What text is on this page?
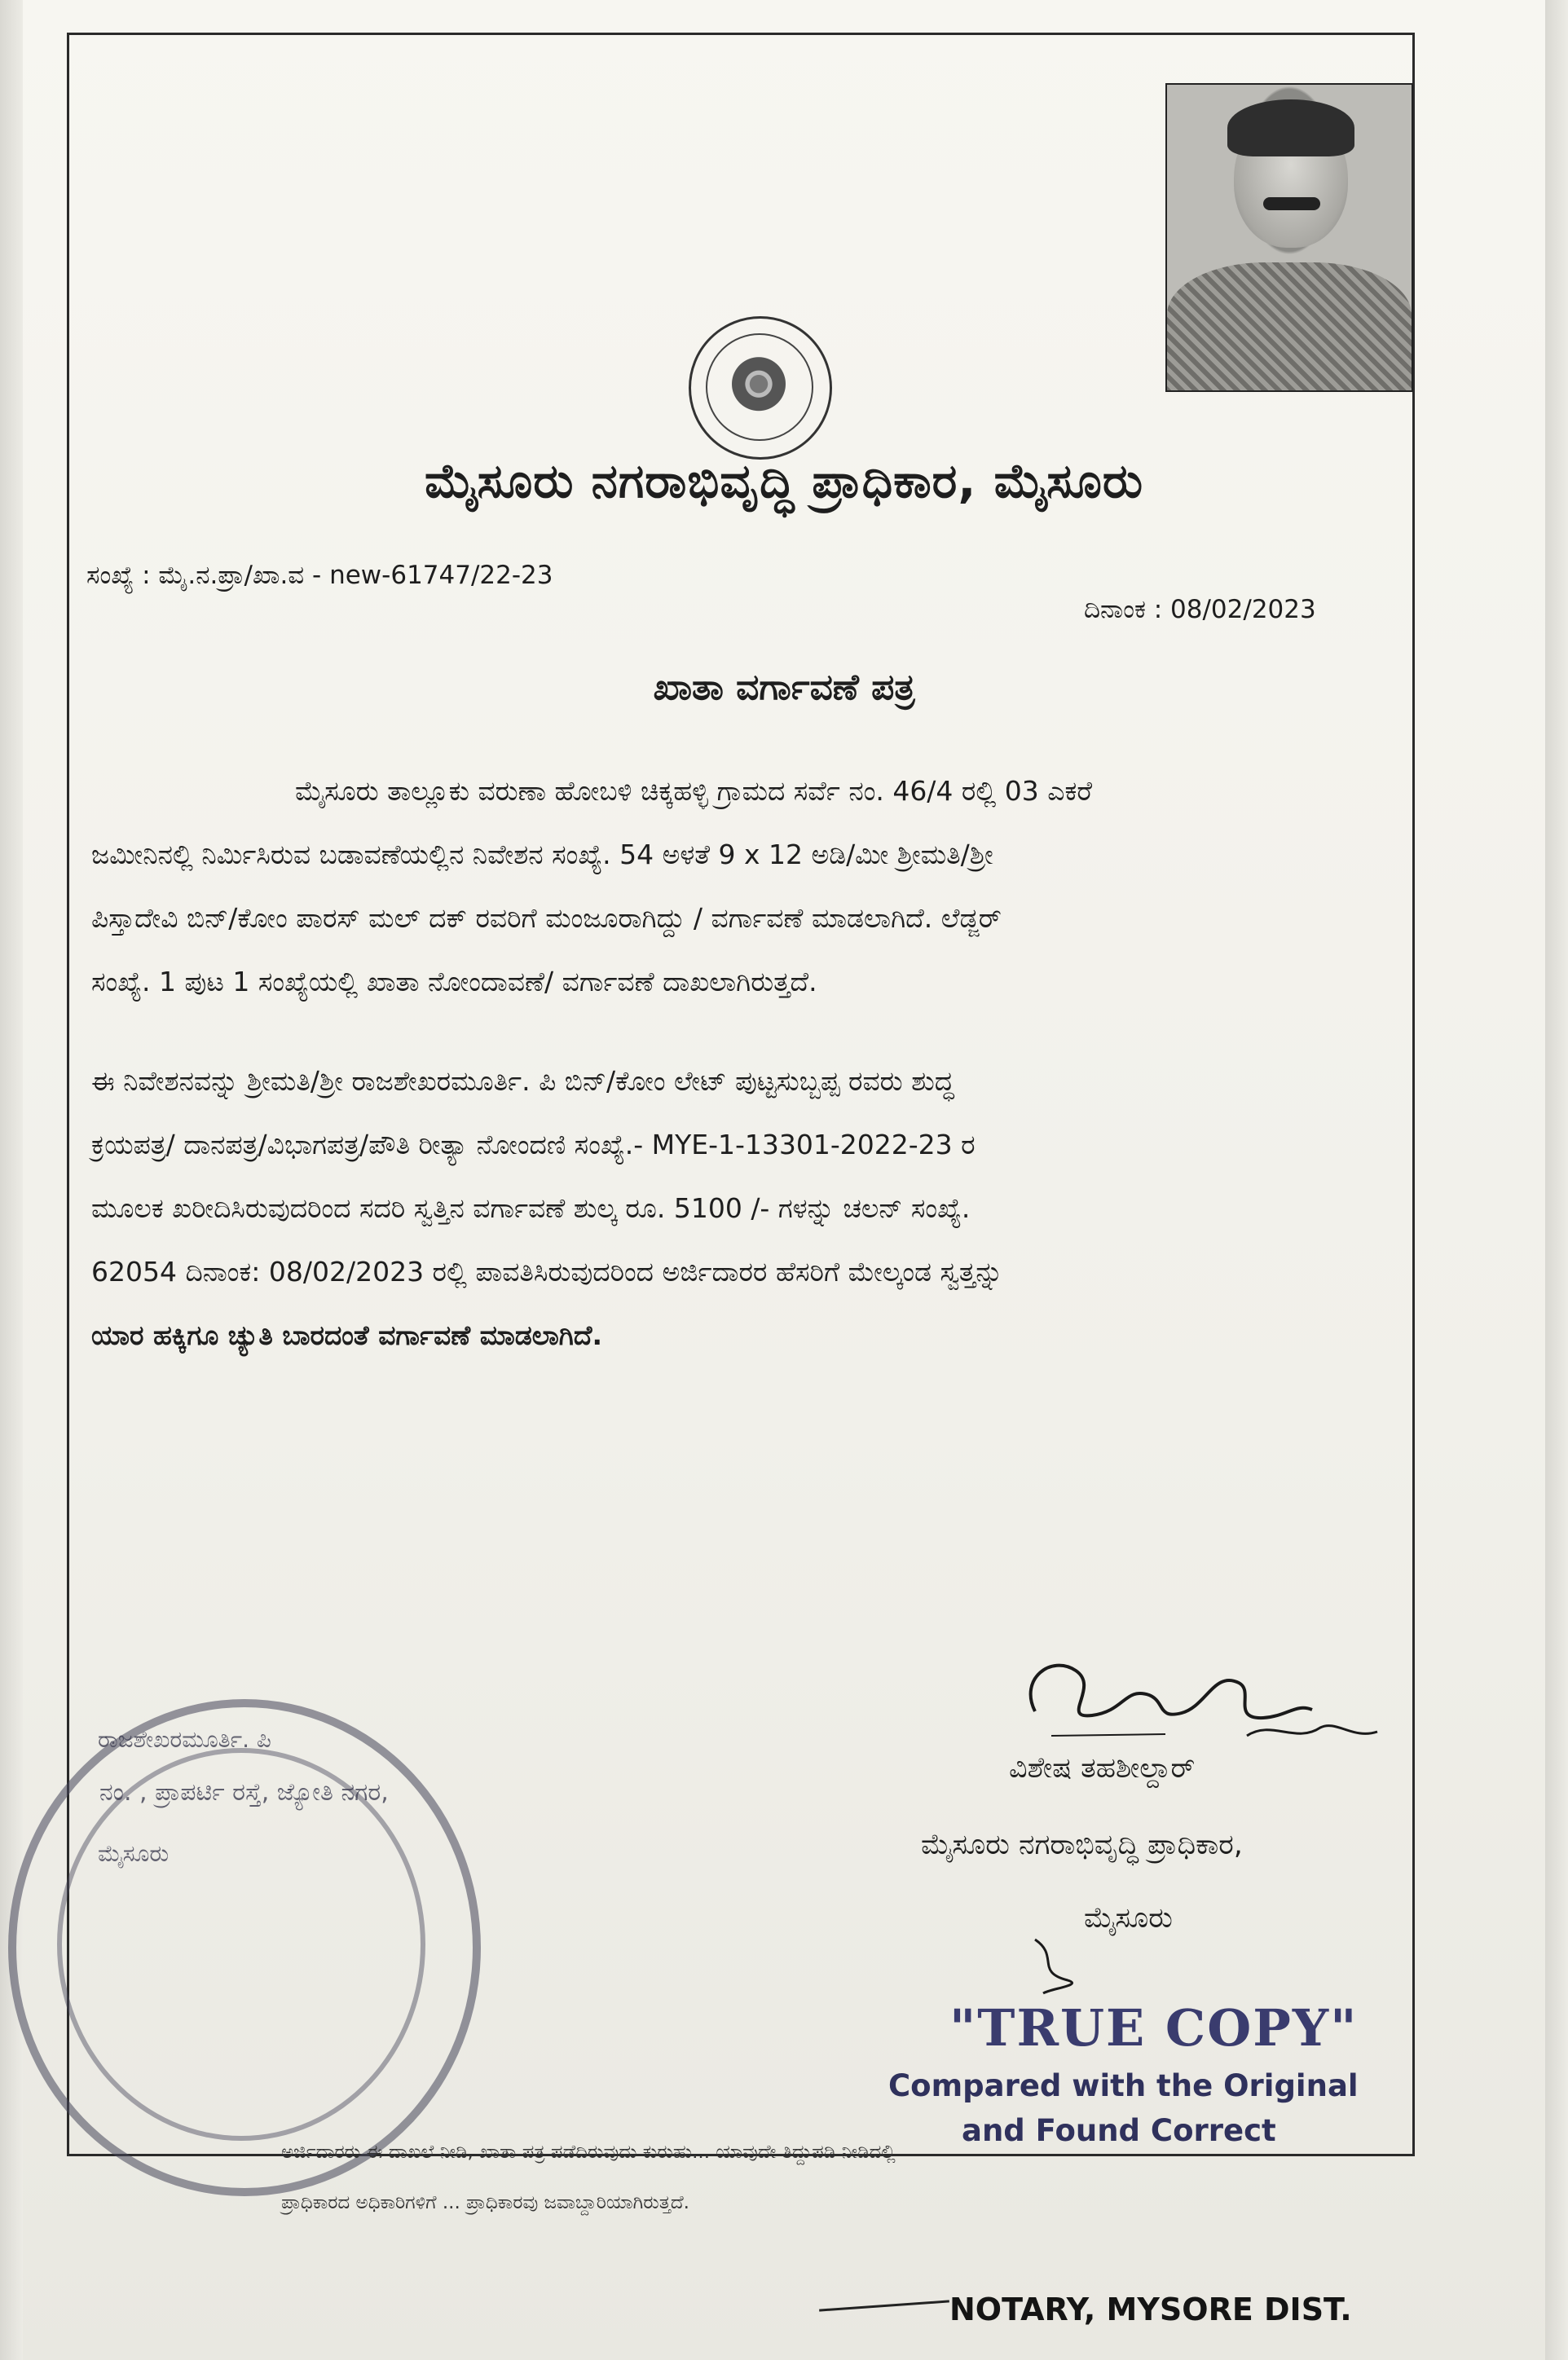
ಮೈಸೂರು ನಗರಾಭಿವೃದ್ಧಿ ಪ್ರಾಧಿಕಾರ, ಮೈಸೂರು
ಸಂಖ್ಯೆ : ಮೈ.ನ.ಪ್ರಾ/ಖಾ.ವ - new-61747/22-23
ದಿನಾಂಕ : 08/02/2023
ಖಾತಾ ವರ್ಗಾವಣೆ ಪತ್ರ
ಮೈಸೂರು ತಾಲ್ಲೂಕು ವರುಣಾ ಹೋಬಳಿ ಚಿಕ್ಕಹಳ್ಳಿ ಗ್ರಾಮದ ಸರ್ವೆ ನಂ. 46/4 ರಲ್ಲಿ 03 ಎಕರೆ
ಜಮೀನಿನಲ್ಲಿ ನಿರ್ಮಿಸಿರುವ ಬಡಾವಣೆಯಲ್ಲಿನ ನಿವೇಶನ ಸಂಖ್ಯೆ. 54 ಅಳತೆ 9 x 12 ಅಡಿ/ಮೀ ಶ್ರೀಮತಿ/ಶ್ರೀ
ಪಿಸ್ತಾದೇವಿ ಬಿನ್/ಕೋಂ ಪಾರಸ್ ಮಲ್ ದಕ್ ರವರಿಗೆ ಮಂಜೂರಾಗಿದ್ದು / ವರ್ಗಾವಣೆ ಮಾಡಲಾಗಿದೆ. ಲೆಡ್ಜರ್
ಸಂಖ್ಯೆ. 1 ಪುಟ 1 ಸಂಖ್ಯೆಯಲ್ಲಿ ಖಾತಾ ನೋಂದಾವಣೆ/ ವರ್ಗಾವಣೆ ದಾಖಲಾಗಿರುತ್ತದೆ.
ಈ ನಿವೇಶನವನ್ನು ಶ್ರೀಮತಿ/ಶ್ರೀ ರಾಜಶೇಖರಮೂರ್ತಿ. ಪಿ ಬಿನ್/ಕೋಂ ಲೇಟ್ ಪುಟ್ಟಸುಬ್ಬಪ್ಪ ರವರು ಶುದ್ಧ
ಕ್ರಯಪತ್ರ/ ದಾನಪತ್ರ/ವಿಭಾಗಪತ್ರ/ಪೌತಿ ರೀತ್ಯಾ ನೋಂದಣಿ ಸಂಖ್ಯೆ.- MYE-1-13301-2022-23 ರ
ಮೂಲಕ ಖರೀದಿಸಿರುವುದರಿಂದ ಸದರಿ ಸ್ವತ್ತಿನ ವರ್ಗಾವಣೆ ಶುಲ್ಕ ರೂ. 5100 /- ಗಳನ್ನು ಚಲನ್ ಸಂಖ್ಯೆ.
62054 ದಿನಾಂಕ: 08/02/2023 ರಲ್ಲಿ ಪಾವತಿಸಿರುವುದರಿಂದ ಅರ್ಜಿದಾರರ ಹೆಸರಿಗೆ ಮೇಲ್ಕಂಡ ಸ್ವತ್ತನ್ನು
ಯಾರ ಹಕ್ಕಿಗೂ ಚ್ಯುತಿ ಬಾರದಂತೆ ವರ್ಗಾವಣೆ ಮಾಡಲಾಗಿದೆ.
ವಿಶೇಷ ತಹಶೀಲ್ದಾರ್
ಮೈಸೂರು ನಗರಾಭಿವೃದ್ಧಿ ಪ್ರಾಧಿಕಾರ,
ಮೈಸೂರು
ರಾಜಶೇಖರಮೂರ್ತಿ. ಪಿ
ನಂ. , ಪ್ರಾಪರ್ಟಿ ರಸ್ತೆ, ಜ್ಯೋತಿ ನಗರ,
ಮೈಸೂರು
"TRUE COPY"
Compared with the Original
and Found Correct
ಅರ್ಜಿದಾರರು ಈ ದಾಖಲೆ ನೀಡಿ, ಖಾತಾ ಪತ್ರ ಪಡೆದಿರುವುದು ಕುರುಹು... ಯಾವುದೇ ತಿದ್ದುಪಡಿ ನೀಡಿದಲ್ಲಿ
ಪ್ರಾಧಿಕಾರದ ಅಧಿಕಾರಿಗಳಿಗೆ ... ಪ್ರಾಧಿಕಾರವು ಜವಾಬ್ದಾರಿಯಾಗಿರುತ್ತದೆ.
NOTARY, MYSORE DIST.
